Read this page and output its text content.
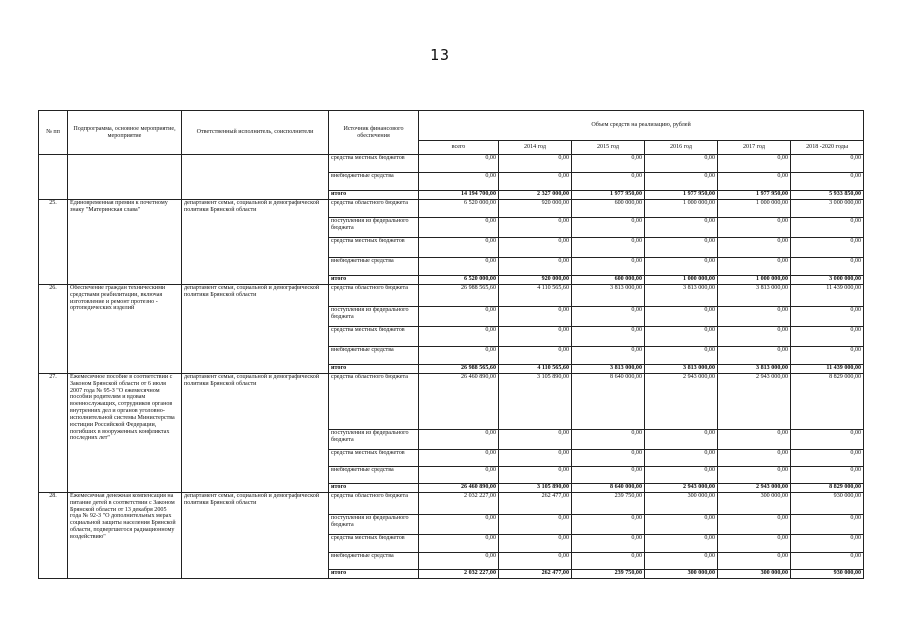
13
№ пп	Подпрограмма, основное мероприятие, мероприятие	Ответственный исполнитель, соисполнители	Источник финансового обеспечения	Объем средств на реализацию, рублей					
				всего	2014 год	2015 год	2016 год	2017 год	2018 -2020 годы
			средства местных бюджетов	0,00	0,00	0,00	0,00	0,00	0,00
			внебюджетные средства	0,00	0,00	0,00	0,00	0,00	0,00
			итого	14 194 700,00	2 327 000,00	1 977 950,00	1 977 950,00	1 977 950,00	5 933 850,00
25.	Единовременная премия к почетному знаку "Материнская слава"	департамент семьи, социальной и демографической политики Брянской области	средства областного бюджета	6 520 000,00	920 000,00	600 000,00	1 000 000,00	1 000 000,00	3 000 000,00
			поступления из федерального бюджета	0,00	0,00	0,00	0,00	0,00	0,00
			средства местных бюджетов	0,00	0,00	0,00	0,00	0,00	0,00
			внебюджетные средства	0,00	0,00	0,00	0,00	0,00	0,00
			итого	6 520 000,00	920 000,00	600 000,00	1 000 000,00	1 000 000,00	3 000 000,00
26.	Обеспечение граждан техническими средствами реабилитации, включая изготовление и ремонт протезно - ортопедических изделий	департамент семьи, социальной и демографической политики Брянской области	средства областного бюджета	26 988 565,60	4 110 565,60	3 813 000,00	3 813 000,00	3 813 000,00	11 439 000,00
			поступления из федерального бюджета	0,00	0,00	0,00	0,00	0,00	0,00
			средства местных бюджетов	0,00	0,00	0,00	0,00	0,00	0,00
			внебюджетные средства	0,00	0,00	0,00	0,00	0,00	0,00
			итого	26 988 565,60	4 110 565,60	3 813 000,00	3 813 000,00	3 813 000,00	11 439 000,00
27.	Ежемесячное пособие в соответствии с Законом Брянской области от 6 июля 2007 года № 95-З "О ежемесячном пособии родителям и вдовам военнослужащих, сотрудников органов внутренних дел и органов уголовно-исполнительной системы Министерства юстиции Российской Федерации, погибших в вооруженных конфликтах последних лет"	департамент семьи, социальной и демографической политики Брянской области	средства областного бюджета	26 460 890,00	3 105 890,00	8 640 000,00	2 943 000,00	2 943 000,00	8 829 000,00
			поступления из федерального бюджета	0,00	0,00	0,00	0,00	0,00	0,00
			средства местных бюджетов	0,00	0,00	0,00	0,00	0,00	0,00
			внебюджетные средства	0,00	0,00	0,00	0,00	0,00	0,00
			итого	26 460 890,00	3 105 890,00	8 640 000,00	2 943 000,00	2 943 000,00	8 829 000,00
28.	Ежемесячная денежная компенсация на питание детей в соответствии с Законом Брянской области от 13 декабря 2005 года № 92-З "О дополнительных мерах социальной защиты населения Брянской области, подвергшегося радиационному воздействию"	департамент семьи, социальной и демографической политики Брянской области	средства областного бюджета	2 032 227,00	262 477,00	239 750,00	300 000,00	300 000,00	930 000,00
			поступления из федерального бюджета	0,00	0,00	0,00	0,00	0,00	0,00
			средства местных бюджетов	0,00	0,00	0,00	0,00	0,00	0,00
			внебюджетные средства	0,00	0,00	0,00	0,00	0,00	0,00
			итого	2 032 227,00	262 477,00	239 750,00	300 000,00	300 000,00	930 000,00
